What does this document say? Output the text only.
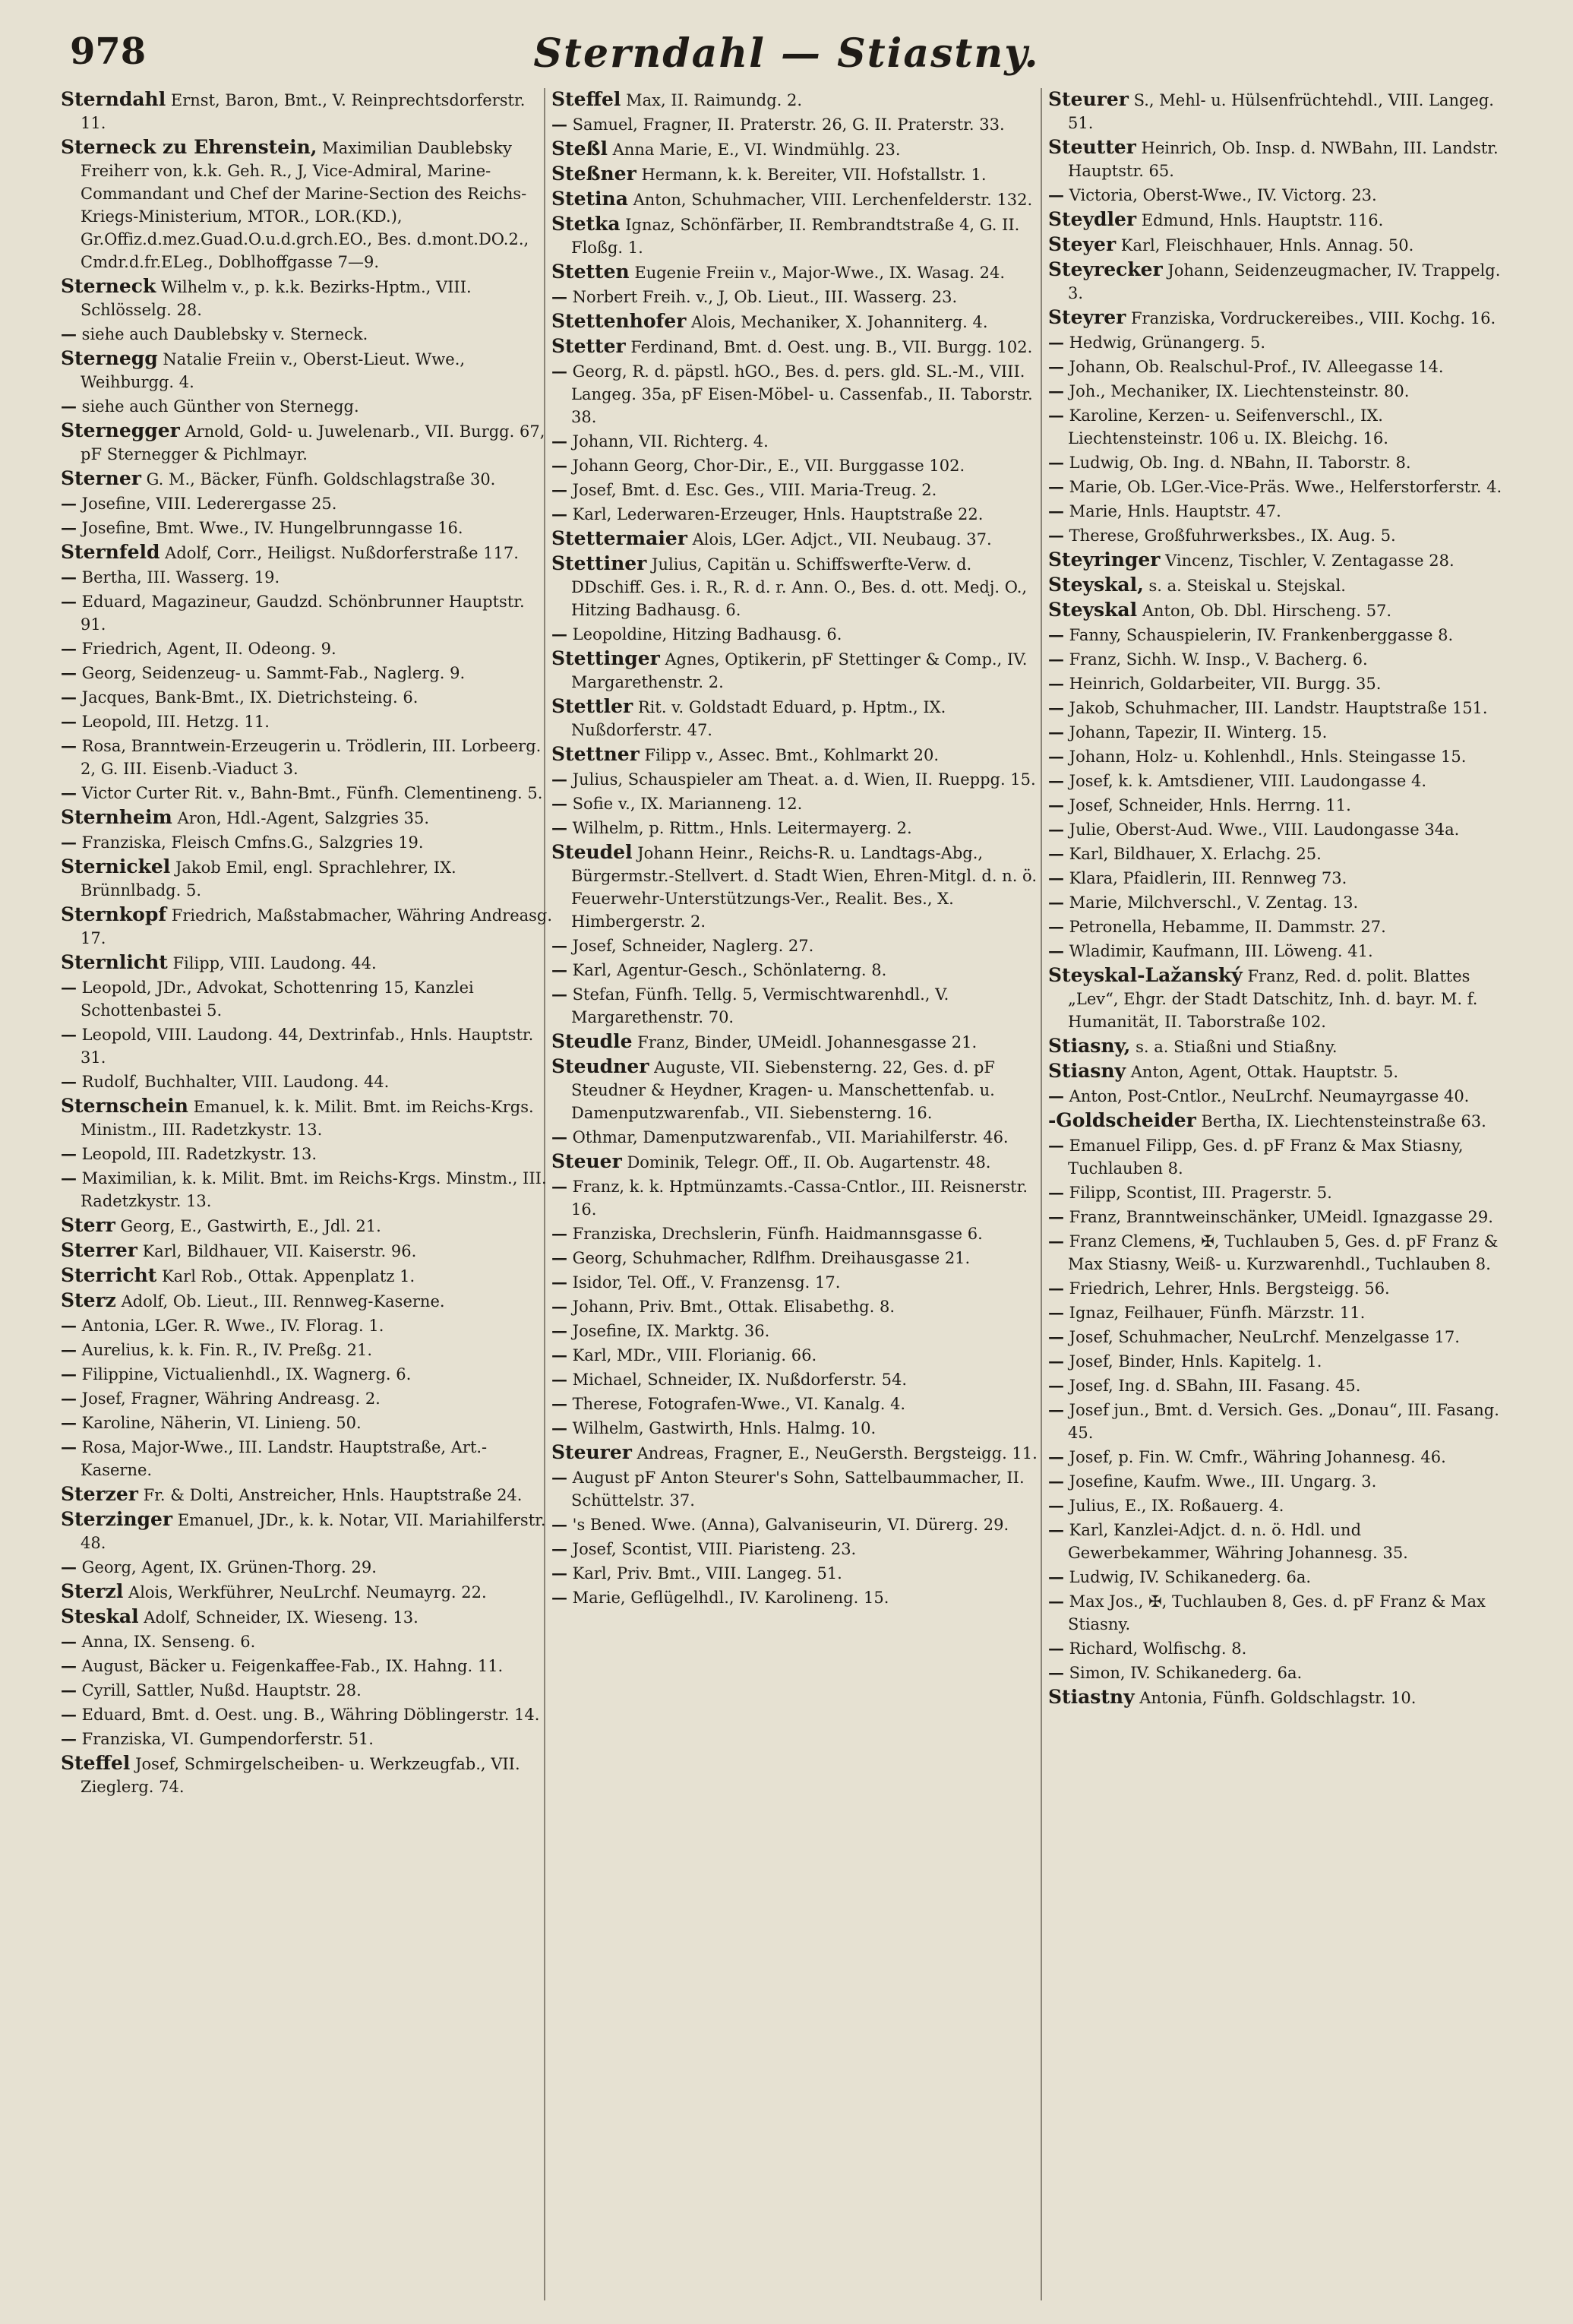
978	Sterndahl — Stiastny.

Sterndahl Ernst, Baron, Bmt., V. Reinprechtsdorferstr. 11.

Sterneck zu Ehrenstein, Maximilian Daublebsky Freiherr von, k.k. Geh. R., J, Vice-Admiral, Marine-Commandant und Chef der Marine-Section des Reichs-Kriegs-Ministerium, MTOR., LOR.(KD.), Gr.Offiz.d.mez.Guad.O.u.d.grch.EO., Bes. d.mont.DO.2., Cmdr.d.fr.ELeg., Doblhoffgasse 7—9.

Sterneck Wilhelm v., p. k.k. Bezirks-Hptm., VIII. Schlösselg. 28.

— siehe auch Daublebsky v. Sterneck.

Sternegg Natalie Freiin v., Oberst-Lieut. Wwe., Weihburgg. 4.

— siehe auch Günther von Sternegg.

Sternegger Arnold, Gold- u. Juwelenarb., VII. Burgg. 67, pF Sternegger & Pichlmayr.

Sterner G. M., Bäcker, Fünfh. Goldschlagstraße 30.

— Josefine, VIII. Lederergasse 25.

— Josefine, Bmt. Wwe., IV. Hungelbrunngasse 16.

Sternfeld Adolf, Corr., Heiligst. Nußdorferstraße 117.

— Bertha, III. Wasserg. 19.

— Eduard, Magazineur, Gaudzd. Schönbrunner Hauptstr. 91.

— Friedrich, Agent, II. Odeong. 9.

— Georg, Seidenzeug- u. Sammt-Fab., Naglerg. 9.

— Jacques, Bank-Bmt., IX. Dietrichsteing. 6.

— Leopold, III. Hetzg. 11.

— Rosa, Branntwein-Erzeugerin u. Trödlerin, III. Lorbeerg. 2, G. III. Eisenb.-Viaduct 3.

— Victor Curter Rit. v., Bahn-Bmt., Fünfh. Clementineng. 5.

Sternheim Aron, Hdl.-Agent, Salzgries 35.

— Franziska, Fleisch Cmfns.G., Salzgries 19.

Sternickel Jakob Emil, engl. Sprachlehrer, IX. Brünnlbadg. 5.

Sternkopf Friedrich, Maßstabmacher, Währing Andreasg. 17.

Sternlicht Filipp, VIII. Laudong. 44.

— Leopold, JDr., Advokat, Schottenring 15, Kanzlei Schottenbastei 5.

— Leopold, VIII. Laudong. 44, Dextrinfab., Hnls. Hauptstr. 31.

— Rudolf, Buchhalter, VIII. Laudong. 44.

Sternschein Emanuel, k. k. Milit. Bmt. im Reichs-Krgs. Ministm., III. Radetzkystr. 13.

— Leopold, III. Radetzkystr. 13.

— Maximilian, k. k. Milit. Bmt. im Reichs-Krgs. Minstm., III. Radetzkystr. 13.

Sterr Georg, E., Gastwirth, E., Jdl. 21.

Sterrer Karl, Bildhauer, VII. Kaiserstr. 96.

Sterricht Karl Rob., Ottak. Appenplatz 1.

Sterz Adolf, Ob. Lieut., III. Rennweg-Kaserne.

— Antonia, LGer. R. Wwe., IV. Florag. 1.

— Aurelius, k. k. Fin. R., IV. Preßg. 21.

— Filippine, Victualienhdl., IX. Wagnerg. 6.

— Josef, Fragner, Währing Andreasg. 2.

— Karoline, Näherin, VI. Linieng. 50.

— Rosa, Major-Wwe., III. Landstr. Hauptstraße, Art.-Kaserne.

Sterzer Fr. & Dolti, Anstreicher, Hnls. Hauptstraße 24.

Sterzinger Emanuel, JDr., k. k. Notar, VII. Mariahilferstr. 48.

— Georg, Agent, IX. Grünen-Thorg. 29.

Sterzl Alois, Werkführer, NeuLrchf. Neumayrg. 22.

Steskal Adolf, Schneider, IX. Wieseng. 13.

— Anna, IX. Senseng. 6.

— August, Bäcker u. Feigenkaffee-Fab., IX. Hahng. 11.

— Cyrill, Sattler, Nußd. Hauptstr. 28.

— Eduard, Bmt. d. Oest. ung. B., Währing Döblingerstr. 14.

— Franziska, VI. Gumpendorferstr. 51.

Steffel Josef, Schmirgelscheiben- u. Werkzeugfab., VII. Zieglerg. 74.

Steffel Max, II. Raimundg. 2.

— Samuel, Fragner, II. Praterstr. 26, G. II. Praterstr. 33.

Steßl Anna Marie, E., VI. Windmühlg. 23.

Steßner Hermann, k. k. Bereiter, VII. Hofstallstr. 1.

Stetina Anton, Schuhmacher, VIII. Lerchenfelderstr. 132.

Stetka Ignaz, Schönfärber, II. Rembrandtstraße 4, G. II. Floßg. 1.

Stetten Eugenie Freiin v., Major-Wwe., IX. Wasag. 24.

— Norbert Freih. v., J, Ob. Lieut., III. Wasserg. 23.

Stettenhofer Alois, Mechaniker, X. Johanniterg. 4.

Stetter Ferdinand, Bmt. d. Oest. ung. B., VII. Burgg. 102.

— Georg, R. d. päpstl. hGO., Bes. d. pers. gld. SL.-M., VIII. Langeg. 35a, pF Eisen-Möbel- u. Cassenfab., II. Taborstr. 38.

— Johann, VII. Richterg. 4.

— Johann Georg, Chor-Dir., E., VII. Burggasse 102.

— Josef, Bmt. d. Esc. Ges., VIII. Maria-Treug. 2.

— Karl, Lederwaren-Erzeuger, Hnls. Hauptstraße 22.

Stettermaier Alois, LGer. Adjct., VII. Neubaug. 37.

Stettiner Julius, Capitän u. Schiffswerfte-Verw. d. DDschiff. Ges. i. R., R. d. r. Ann. O., Bes. d. ott. Medj. O., Hitzing Badhausg. 6.

— Leopoldine, Hitzing Badhausg. 6.

Stettinger Agnes, Optikerin, pF Stettinger & Comp., IV. Margarethenstr. 2.

Stettler Rit. v. Goldstadt Eduard, p. Hptm., IX. Nußdorferstr. 47.

Stettner Filipp v., Assec. Bmt., Kohlmarkt 20.

— Julius, Schauspieler am Theat. a. d. Wien, II. Rueppg. 15.

— Sofie v., IX. Marianneng. 12.

— Wilhelm, p. Rittm., Hnls. Leitermayerg. 2.

Steudel Johann Heinr., Reichs-R. u. Landtags-Abg., Bürgermstr.-Stellvert. d. Stadt Wien, Ehren-Mitgl. d. n. ö. Feuerwehr-Unterstützungs-Ver., Realit. Bes., X. Himbergerstr. 2.

— Josef, Schneider, Naglerg. 27.

— Karl, Agentur-Gesch., Schönlaterng. 8.

— Stefan, Fünfh. Tellg. 5, Vermischtwarenhdl., V. Margarethenstr. 70.

Steudle Franz, Binder, UMeidl. Johannesgasse 21.

Steudner Auguste, VII. Siebensterng. 22, Ges. d. pF Steudner & Heydner, Kragen- u. Manschettenfab. u. Damenputzwarenfab., VII. Siebensterng. 16.

— Othmar, Damenputzwarenfab., VII. Mariahilferstr. 46.

Steuer Dominik, Telegr. Off., II. Ob. Augartenstr. 48.

— Franz, k. k. Hptmünzamts.-Cassa-Cntlor., III. Reisnerstr. 16.

— Franziska, Drechslerin, Fünfh. Haidmannsgasse 6.

— Georg, Schuhmacher, Rdlfhm. Dreihausgasse 21.

— Isidor, Tel. Off., V. Franzensg. 17.

— Johann, Priv. Bmt., Ottak. Elisabethg. 8.

— Josefine, IX. Marktg. 36.

— Karl, MDr., VIII. Florianig. 66.

— Michael, Schneider, IX. Nußdorferstr. 54.

— Therese, Fotografen-Wwe., VI. Kanalg. 4.

— Wilhelm, Gastwirth, Hnls. Halmg. 10.

Steurer Andreas, Fragner, E., NeuGersth. Bergsteigg. 11.

— August pF Anton Steurer's Sohn, Sattelbaummacher, II. Schüttelstr. 37.

— 's Bened. Wwe. (Anna), Galvaniseurin, VI. Dürerg. 29.

— Josef, Scontist, VIII. Piaristeng. 23.

— Karl, Priv. Bmt., VIII. Langeg. 51.

— Marie, Geflügelhdl., IV. Karolineng. 15.

Steurer S., Mehl- u. Hülsenfrüchtehdl., VIII. Langeg. 51.

Steutter Heinrich, Ob. Insp. d. NWBahn, III. Landstr. Hauptstr. 65.

— Victoria, Oberst-Wwe., IV. Victorg. 23.

Steydler Edmund, Hnls. Hauptstr. 116.

Steyer Karl, Fleischhauer, Hnls. Annag. 50.

Steyrecker Johann, Seidenzeugmacher, IV. Trappelg. 3.

Steyrer Franziska, Vordruckereibes., VIII. Kochg. 16.

— Hedwig, Grünangerg. 5.

— Johann, Ob. Realschul-Prof., IV. Alleegasse 14.

— Joh., Mechaniker, IX. Liechtensteinstr. 80.

— Karoline, Kerzen- u. Seifenverschl., IX. Liechtensteinstr. 106 u. IX. Bleichg. 16.

— Ludwig, Ob. Ing. d. NBahn, II. Taborstr. 8.

— Marie, Ob. LGer.-Vice-Präs. Wwe., Helferstorferstr. 4.

— Marie, Hnls. Hauptstr. 47.

— Therese, Großfuhrwerksbes., IX. Aug. 5.

Steyringer Vincenz, Tischler, V. Zentagasse 28.

Steyskal, s. a. Steiskal u. Stejskal.

Steyskal Anton, Ob. Dbl. Hirscheng. 57.

— Fanny, Schauspielerin, IV. Frankenberggasse 8.

— Franz, Sichh. W. Insp., V. Bacherg. 6.

— Heinrich, Goldarbeiter, VII. Burgg. 35.

— Jakob, Schuhmacher, III. Landstr. Hauptstraße 151.

— Johann, Tapezir, II. Winterg. 15.

— Johann, Holz- u. Kohlenhdl., Hnls. Steingasse 15.

— Josef, k. k. Amtsdiener, VIII. Laudongasse 4.

— Josef, Schneider, Hnls. Herrng. 11.

— Julie, Oberst-Aud. Wwe., VIII. Laudongasse 34a.

— Karl, Bildhauer, X. Erlachg. 25.

— Klara, Pfaidlerin, III. Rennweg 73.

— Marie, Milchverschl., V. Zentag. 13.

— Petronella, Hebamme, II. Dammstr. 27.

— Wladimir, Kaufmann, III. Löweng. 41.

Steyskal-Lažanský Franz, Red. d. polit. Blattes „Lev“, Ehgr. der Stadt Datschitz, Inh. d. bayr. M. f. Humanität, II. Taborstraße 102.

Stiasny, s. a. Stiaßni und Stiaßny.

Stiasny Anton, Agent, Ottak. Hauptstr. 5.

— Anton, Post-Cntlor., NeuLrchf. Neumayrgasse 40.

-Goldscheider Bertha, IX. Liechtensteinstraße 63.

— Emanuel Filipp, Ges. d. pF Franz & Max Stiasny, Tuchlauben 8.

— Filipp, Scontist, III. Pragerstr. 5.

— Franz, Branntweinschänker, UMeidl. Ignazgasse 29.

— Franz Clemens, ✠, Tuchlauben 5, Ges. d. pF Franz & Max Stiasny, Weiß- u. Kurzwarenhdl., Tuchlauben 8.

— Friedrich, Lehrer, Hnls. Bergsteigg. 56.

— Ignaz, Feilhauer, Fünfh. Märzstr. 11.

— Josef, Schuhmacher, NeuLrchf. Menzelgasse 17.

— Josef, Binder, Hnls. Kapitelg. 1.

— Josef, Ing. d. SBahn, III. Fasang. 45.

— Josef jun., Bmt. d. Versich. Ges. „Donau“, III. Fasang. 45.

— Josef, p. Fin. W. Cmfr., Währing Johannesg. 46.

— Josefine, Kaufm. Wwe., III. Ungarg. 3.

— Julius, E., IX. Roßauerg. 4.

— Karl, Kanzlei-Adjct. d. n. ö. Hdl. und Gewerbekammer, Währing Johannesg. 35.

— Ludwig, IV. Schikanederg. 6a.

— Max Jos., ✠, Tuchlauben 8, Ges. d. pF Franz & Max Stiasny.

— Richard, Wolfischg. 8.

— Simon, IV. Schikanederg. 6a.

Stiastny Antonia, Fünfh. Goldschlagstr. 10.
